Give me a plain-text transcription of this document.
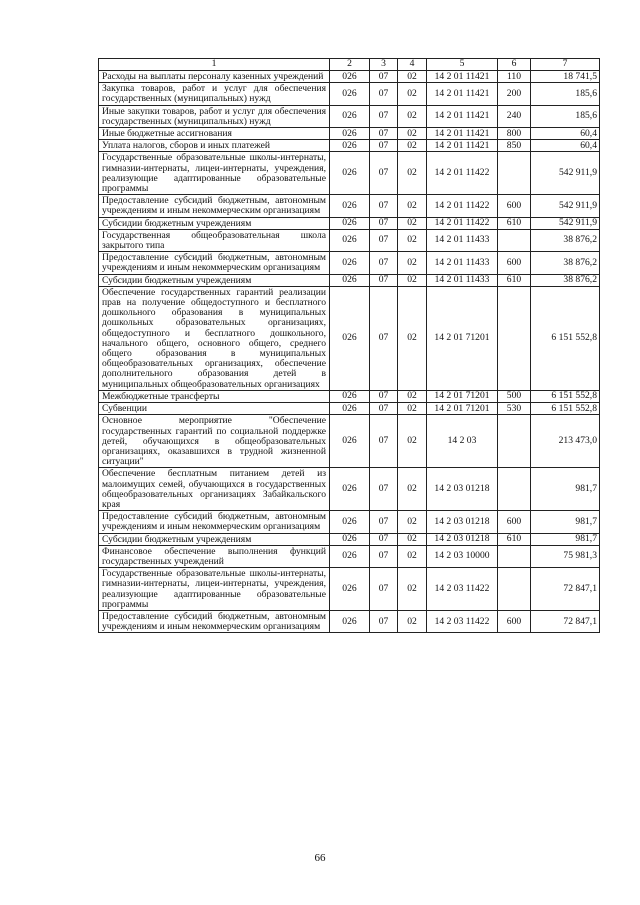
1	2	3	4	5	6	7
Расходы на выплаты персоналу казенных учреждений	026	07	02	14 2 01 11421	110	18 741,5
Закупка товаров, работ и услуг для обеспечения государственных (муниципальных) нужд	026	07	02	14 2 01 11421	200	185,6
Иные закупки товаров, работ и услуг для обеспечения государственных (муниципальных) нужд	026	07	02	14 2 01 11421	240	185,6
Иные бюджетные ассигнования	026	07	02	14 2 01 11421	800	60,4
Уплата налогов, сборов и иных платежей	026	07	02	14 2 01 11421	850	60,4
Государственные образовательные школы-интернаты, гимназии-интернаты, лицеи-интернаты, учреждения, реализующие адаптированные образовательные программы	026	07	02	14 2 01 11422		542 911,9
Предоставление субсидий бюджетным, автономным учреждениям и иным некоммерческим организациям	026	07	02	14 2 01 11422	600	542 911,9
Субсидии бюджетным учреждениям	026	07	02	14 2 01 11422	610	542 911,9
Государственная общеобразовательная школа закрытого типа	026	07	02	14 2 01 11433		38 876,2
Предоставление субсидий бюджетным, автономным учреждениям и иным некоммерческим организациям	026	07	02	14 2 01 11433	600	38 876,2
Субсидии бюджетным учреждениям	026	07	02	14 2 01 11433	610	38 876,2
Обеспечение государственных гарантий реализации прав на получение общедоступного и бесплатного дошкольного образования в муниципальных дошкольных образовательных организациях, общедоступного и бесплатного дошкольного, начального общего, основного общего, среднего общего образования в муниципальных общеобразовательных организациях, обеспечение дополнительного образования детей в муниципальных общеобразовательных организациях	026	07	02	14 2 01 71201		6 151 552,8
Межбюджетные трансферты	026	07	02	14 2 01 71201	500	6 151 552,8
Субвенции	026	07	02	14 2 01 71201	530	6 151 552,8
Основное мероприятие "Обеспечение государственных гарантий по социальной поддержке детей, обучающихся в общеобразовательных организациях, оказавшихся в трудной жизненной ситуации"	026	07	02	14 2 03		213 473,0
Обеспечение бесплатным питанием детей из малоимущих семей, обучающихся в государственных общеобразовательных организациях Забайкальского края	026	07	02	14 2 03 01218		981,7
Предоставление субсидий бюджетным, автономным учреждениям и иным некоммерческим организациям	026	07	02	14 2 03 01218	600	981,7
Субсидии бюджетным учреждениям	026	07	02	14 2 03 01218	610	981,7
Финансовое обеспечение выполнения функций государственных учреждений	026	07	02	14 2 03 10000		75 981,3
Государственные образовательные школы-интернаты, гимназии-интернаты, лицеи-интернаты, учреждения, реализующие адаптированные образовательные программы	026	07	02	14 2 03 11422		72 847,1
Предоставление субсидий бюджетным, автономным учреждениям и иным некоммерческим организациям	026	07	02	14 2 03 11422	600	72 847,1
66
